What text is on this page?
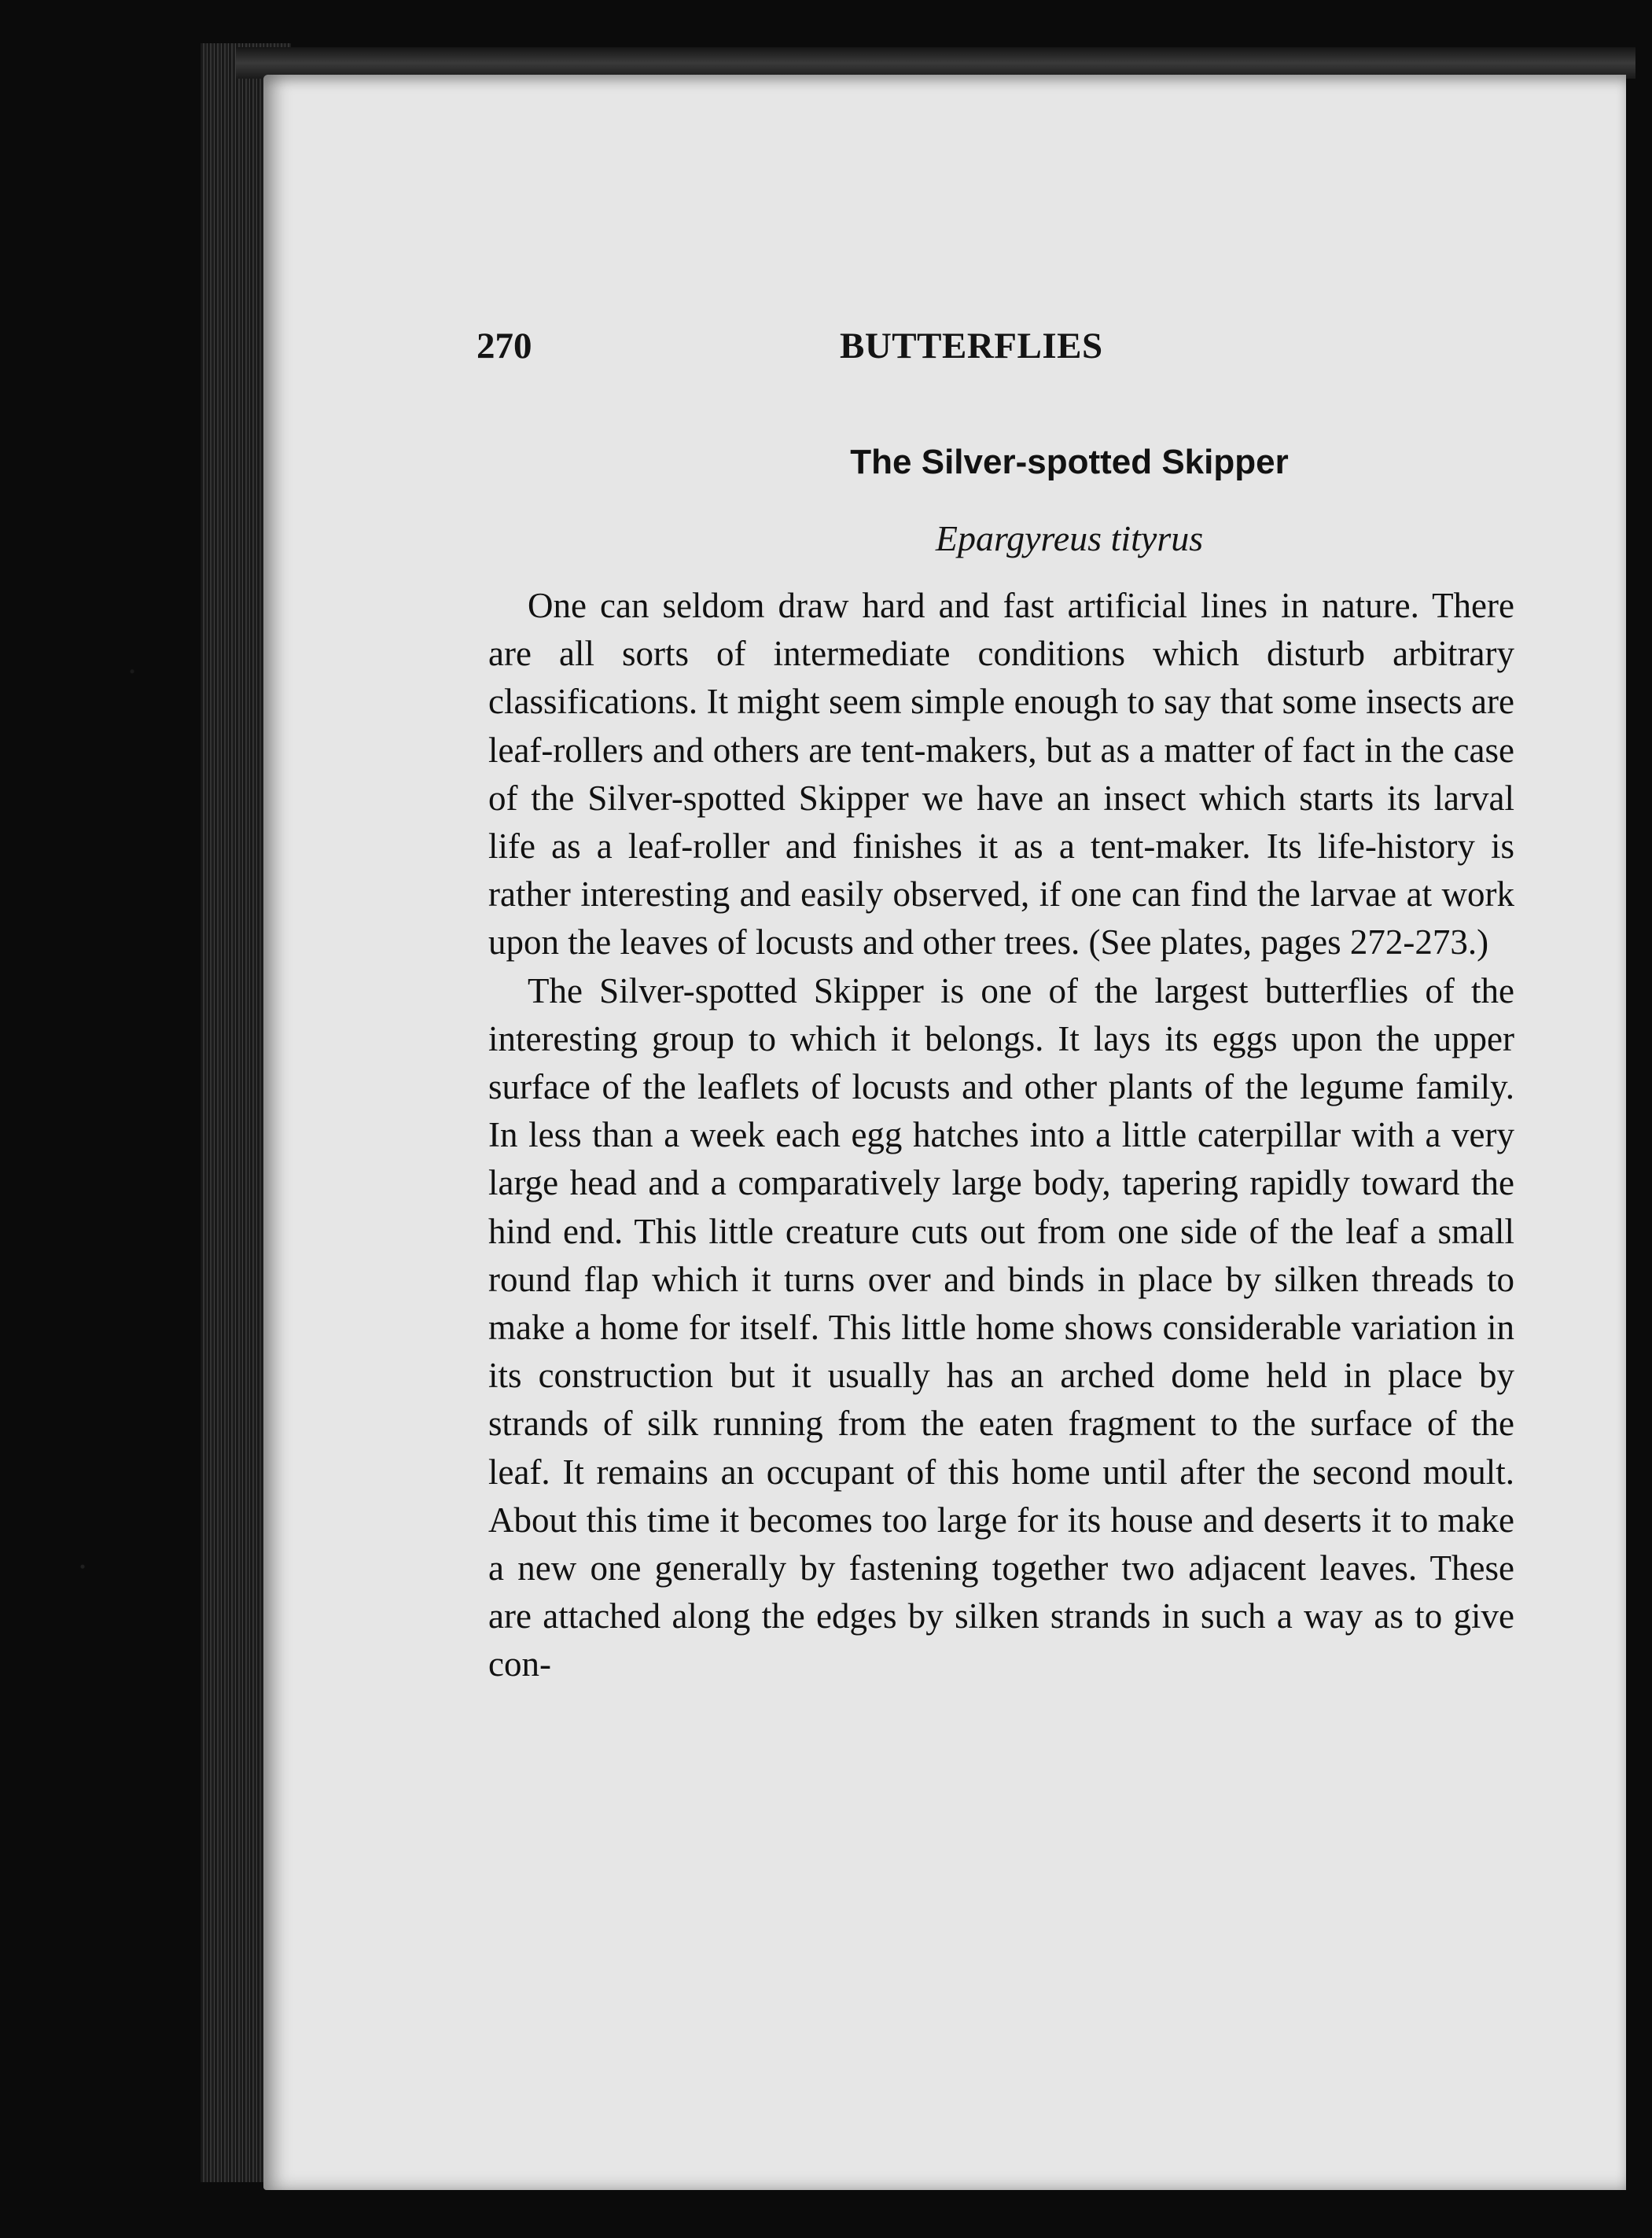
270	BUTTERFLIES
The Silver-spotted Skipper
Epargyreus tityrus

One can seldom draw hard and fast artificial lines in nature. There are all sorts of intermediate conditions which disturb arbitrary classifications. It might seem simple enough to say that some insects are leaf-rollers and others are tent-makers, but as a matter of fact in the case of the Silver-spotted Skipper we have an insect which starts its larval life as a leaf-roller and finishes it as a tent-maker. Its life-history is rather interesting and easily observed, if one can find the larvae at work upon the leaves of locusts and other trees. (See plates, pages 272-273.)

The Silver-spotted Skipper is one of the largest butterflies of the interesting group to which it belongs. It lays its eggs upon the upper surface of the leaflets of locusts and other plants of the legume family. In less than a week each egg hatches into a little caterpillar with a very large head and a comparatively large body, tapering rapidly toward the hind end. This little creature cuts out from one side of the leaf a small round flap which it turns over and binds in place by silken threads to make a home for itself. This little home shows considerable variation in its construction but it usually has an arched dome held in place by strands of silk running from the eaten fragment to the surface of the leaf. It remains an occupant of this home until after the second moult. About this time it becomes too large for its house and deserts it to make a new one generally by fastening together two adjacent leaves. These are attached along the edges by silken strands in such a way as to give con-
